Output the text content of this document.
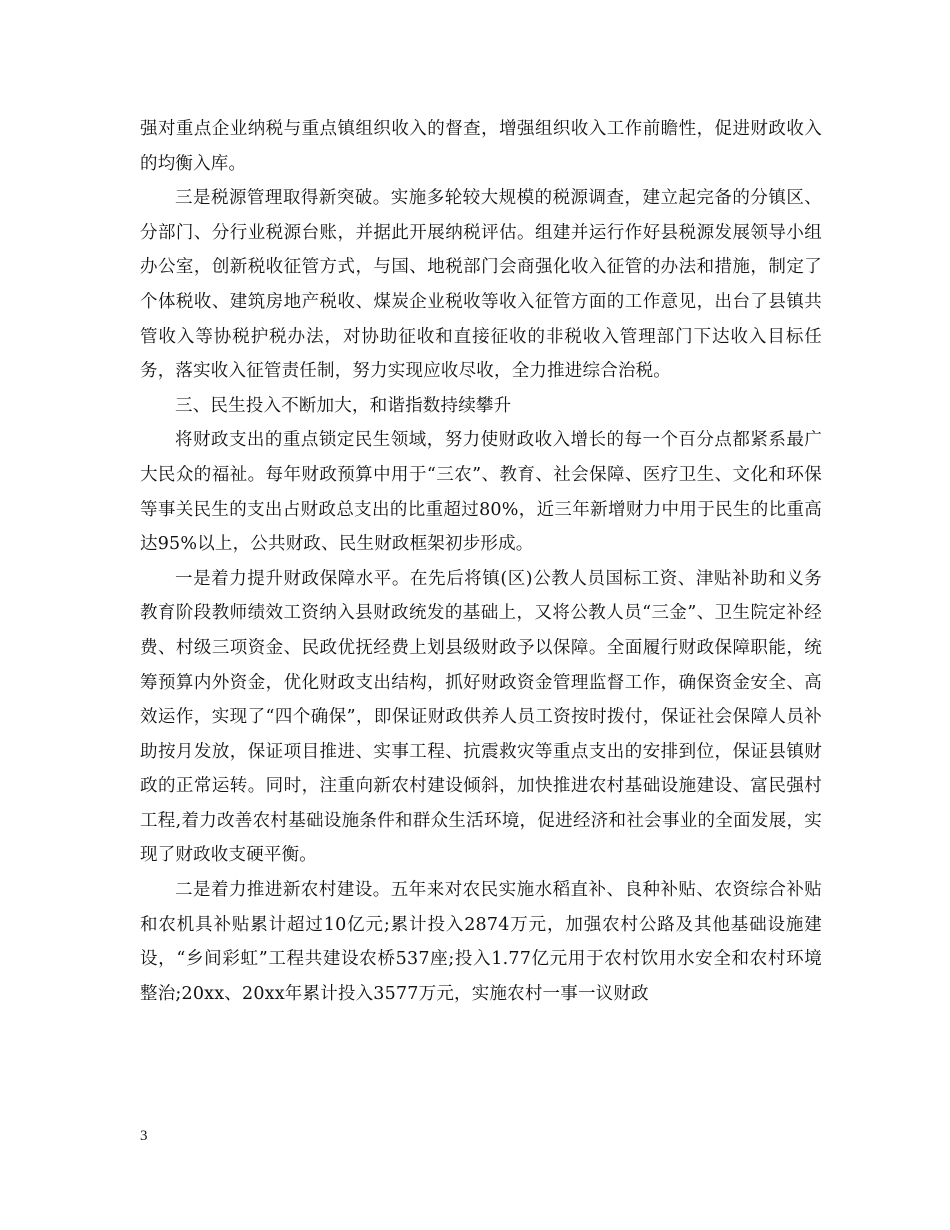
强对重点企业纳税与重点镇组织收入的督查，增强组织收入工作前瞻性，促进财政收入的均衡入库。

三是税源管理取得新突破。实施多轮较大规模的税源调查，建立起完备的分镇区、分部门、分行业税源台账，并据此开展纳税评估。组建并运行作好县税源发展领导小组办公室，创新税收征管方式，与国、地税部门会商强化收入征管的办法和措施，制定了个体税收、建筑房地产税收、煤炭企业税收等收入征管方面的工作意见，出台了县镇共管收入等协税护税办法，对协助征收和直接征收的非税收入管理部门下达收入目标任务，落实收入征管责任制，努力实现应收尽收，全力推进综合治税。

三、民生投入不断加大，和谐指数持续攀升

将财政支出的重点锁定民生领域，努力使财政收入增长的每一个百分点都紧系最广大民众的福祉。每年财政预算中用于“三农”、教育、社会保障、医疗卫生、文化和环保等事关民生的支出占财政总支出的比重超过80%，近三年新增财力中用于民生的比重高达95%以上，公共财政、民生财政框架初步形成。

一是着力提升财政保障水平。在先后将镇(区)公教人员国标工资、津贴补助和义务教育阶段教师绩效工资纳入县财政统发的基础上，又将公教人员“三金”、卫生院定补经费、村级三项资金、民政优抚经费上划县级财政予以保障。全面履行财政保障职能，统筹预算内外资金，优化财政支出结构，抓好财政资金管理监督工作，确保资金安全、高效运作，实现了“四个确保”，即保证财政供养人员工资按时拨付，保证社会保障人员补助按月发放，保证项目推进、实事工程、抗震救灾等重点支出的安排到位，保证县镇财政的正常运转。同时，注重向新农村建设倾斜，加快推进农村基础设施建设、富民强村工程,着力改善农村基础设施条件和群众生活环境，促进经济和社会事业的全面发展，实现了财政收支硬平衡。

二是着力推进新农村建设。五年来对农民实施水稻直补、良种补贴、农资综合补贴和农机具补贴累计超过10亿元;累计投入2874万元，加强农村公路及其他基础设施建设，“乡间彩虹”工程共建设农桥537座;投入1.77亿元用于农村饮用水安全和农村环境整治;20xx、20xx年累计投入3577万元，实施农村一事一议财政

3
